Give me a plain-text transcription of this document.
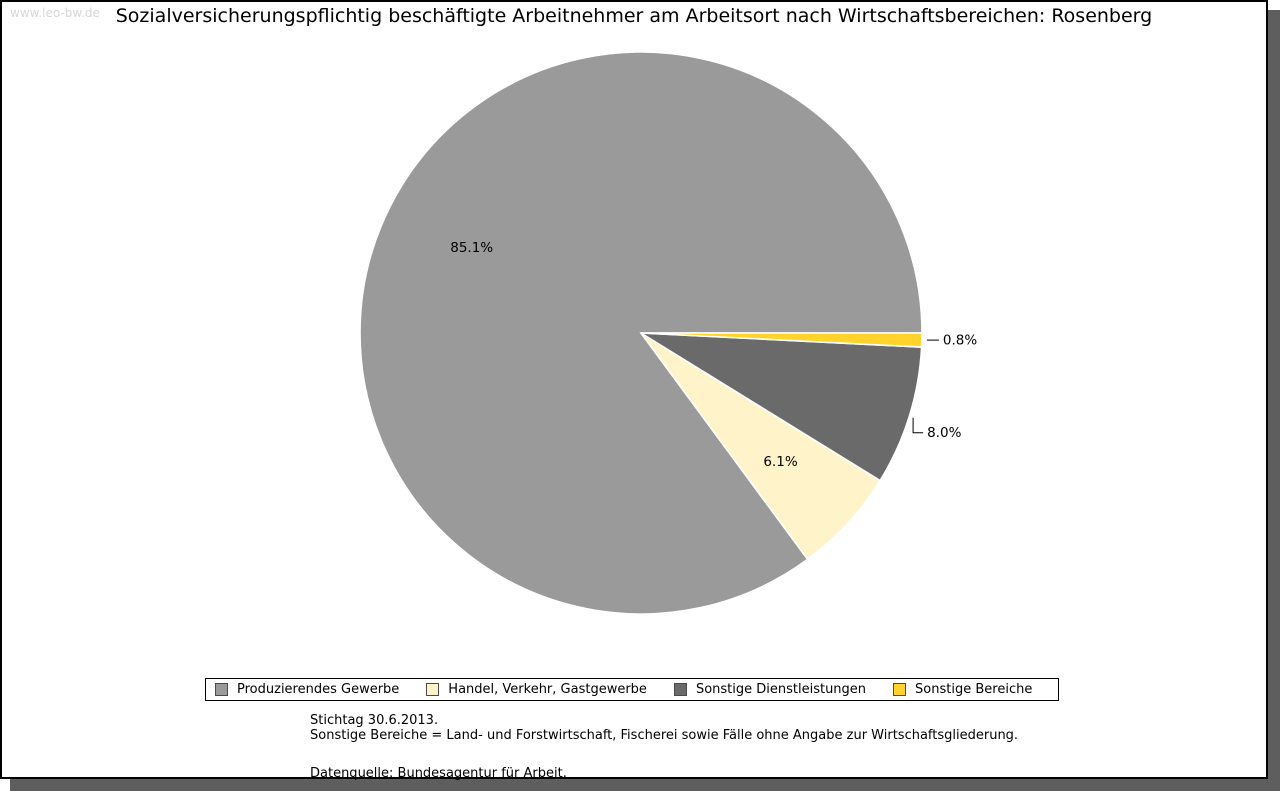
www.leo-bw.de Sozialversicherungspflichtig beschäftigte Arbeitnehmer am Arbeitsort nach Wirtschaftsbereichen: Rosenberg
85.1%
6.1%
8.0%
0.8%
Produzierendes Gewerbe	Handel, Verkehr, Gastgewerbe	Sonstige Dienstleistungen	Sonstige Bereiche
Stichtag 30.6.2013.
Sonstige Bereiche = Land- und Forstwirtschaft, Fischerei sowie Fälle ohne Angabe zur Wirtschaftsgliederung.
Datenquelle: Bundesagentur für Arbeit.
